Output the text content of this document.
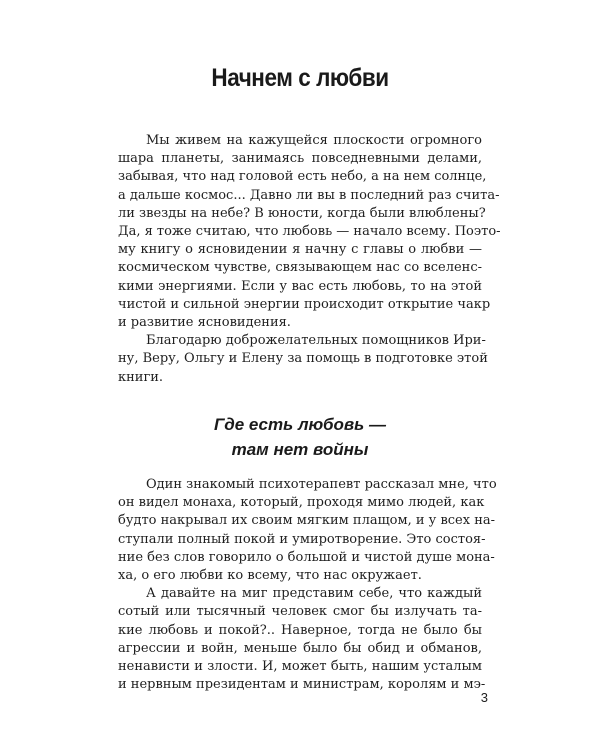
Начнем с любви
Мы живем на кажущейся плоскости огромного
шара планеты, занимаясь повседневными делами,
забывая, что над головой есть небо, а на нем солнце,
а дальше космос... Давно ли вы в последний раз счита-
ли звезды на небе? В юности, когда были влюблены?
Да, я тоже считаю, что любовь — начало всему. Поэто-
му книгу о ясновидении я начну с главы о любви —
космическом чувстве, связывающем нас со вселенс-
кими энергиями. Если у вас есть любовь, то на этой
чистой и сильной энергии происходит открытие чакр
и развитие ясновидения.
Благодарю доброжелательных помощников Ири-
ну, Веру, Ольгу и Елену за помощь в подготовке этой
книги.
Где есть любовь —
там нет войны
Один знакомый психотерапевт рассказал мне, что
он видел монаха, который, проходя мимо людей, как
будто накрывал их своим мягким плащом, и у всех на-
ступали полный покой и умиротворение. Это состоя-
ние без слов говорило о большой и чистой душе мона-
ха, о его любви ко всему, что нас окружает.
А давайте на миг представим себе, что каждый
сотый или тысячный человек смог бы излучать та-
кие любовь и покой?.. Наверное, тогда не было бы
агрессии и войн, меньше было бы обид и обманов,
ненависти и злости. И, может быть, нашим усталым
и нервным президентам и министрам, королям и мэ-
3
